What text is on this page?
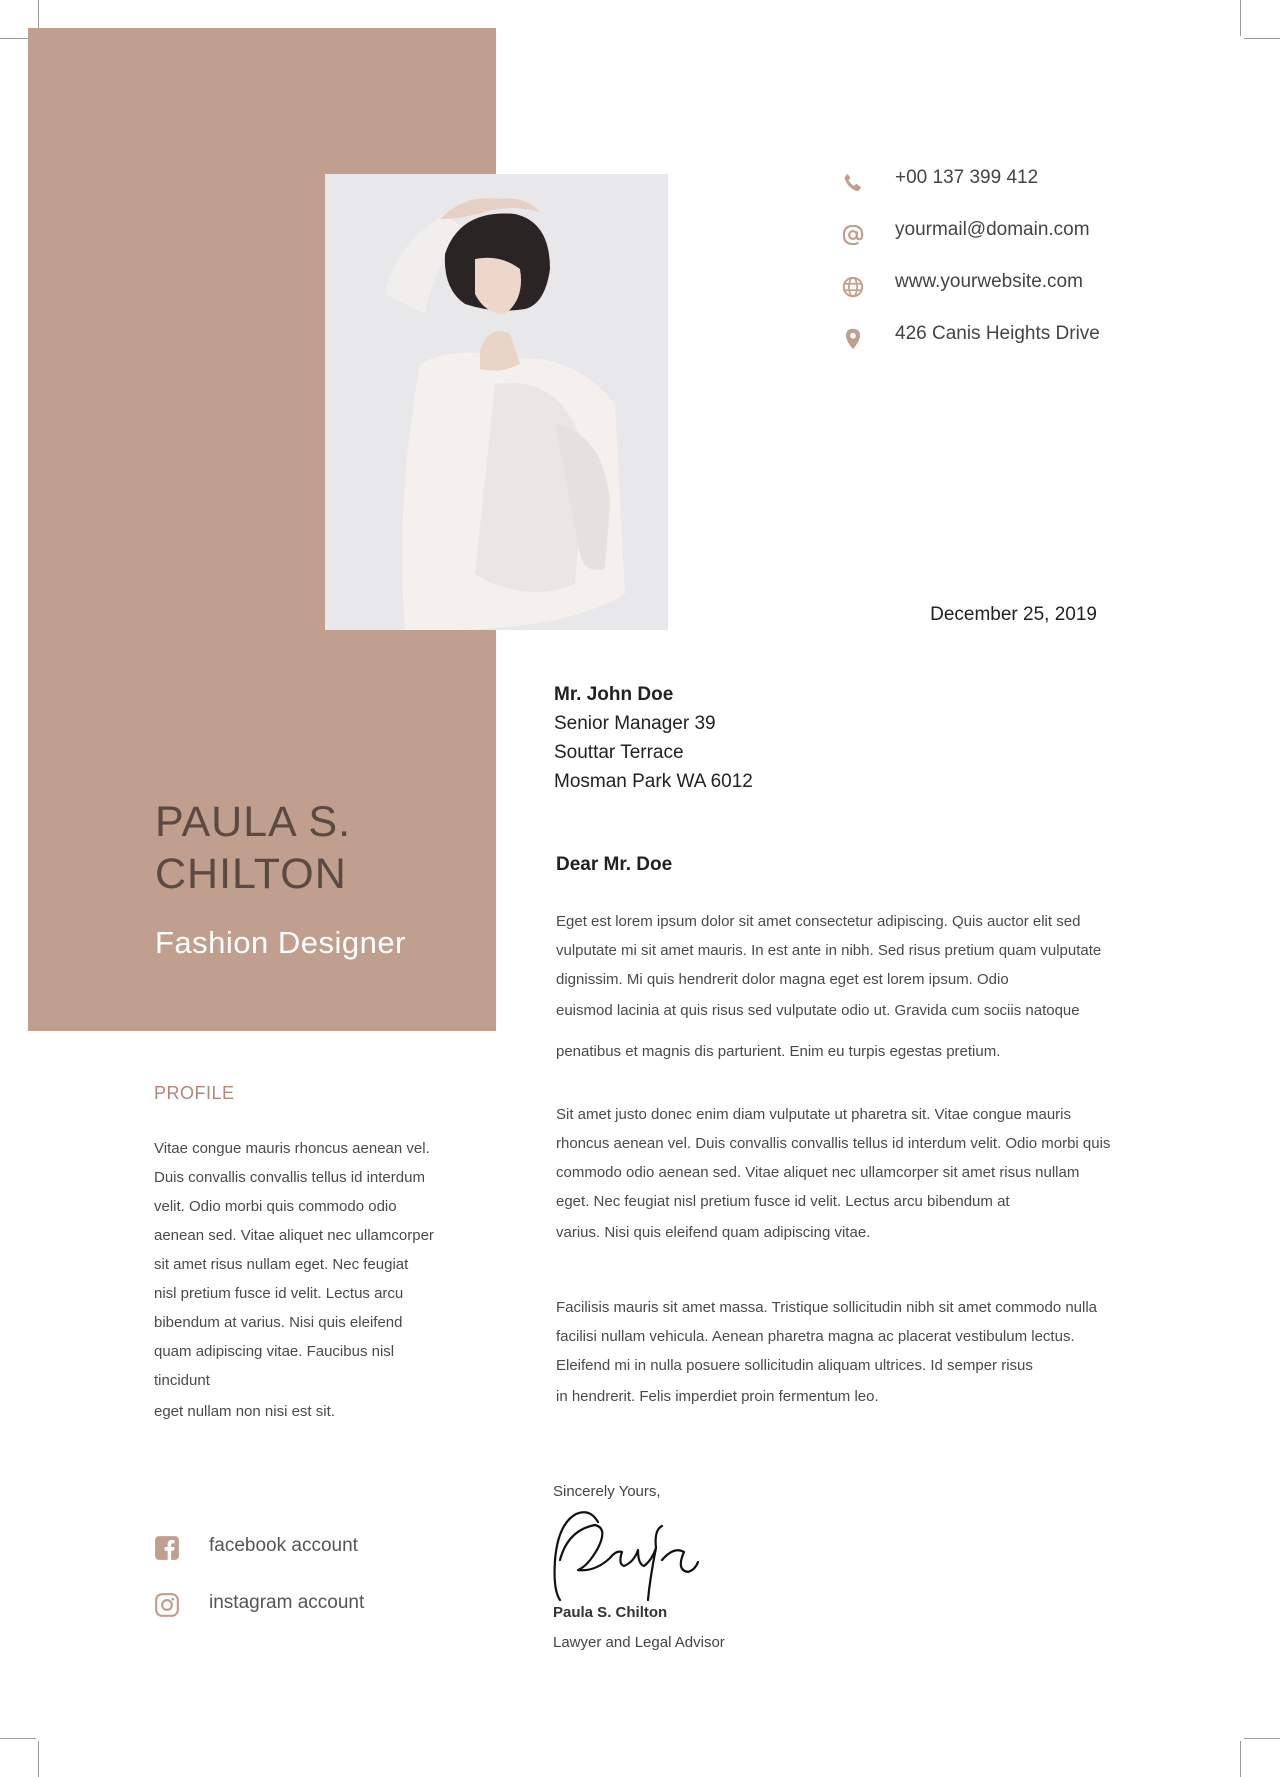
PAULA S.
CHILTON
Fashion Designer
+00 137 399 412
yourmail@domain.com
www.yourwebsite.com
426 Canis Heights Drive
December 25, 2019
Mr. John Doe
Senior Manager 39
Souttar Terrace
Mosman Park WA 6012
Dear Mr. Doe
Eget est lorem ipsum dolor sit amet consectetur adipiscing. Quis auctor elit sed
vulputate mi sit amet mauris. In est ante in nibh. Sed risus pretium quam vulputate
dignissim. Mi quis hendrerit dolor magna eget est lorem ipsum. Odio
euismod lacinia at quis risus sed vulputate odio ut. Gravida cum sociis natoque
penatibus et magnis dis parturient. Enim eu turpis egestas pretium.
Sit amet justo donec enim diam vulputate ut pharetra sit. Vitae congue mauris
rhoncus aenean vel. Duis convallis convallis tellus id interdum velit. Odio morbi quis
commodo odio aenean sed. Vitae aliquet nec ullamcorper sit amet risus nullam
eget. Nec feugiat nisl pretium fusce id velit. Lectus arcu bibendum at
varius. Nisi quis eleifend quam adipiscing vitae.
Facilisis mauris sit amet massa. Tristique sollicitudin nibh sit amet commodo nulla
facilisi nullam vehicula. Aenean pharetra magna ac placerat vestibulum lectus.
Eleifend mi in nulla posuere sollicitudin aliquam ultrices. Id semper risus
in hendrerit. Felis imperdiet proin fermentum leo.
PROFILE
Vitae congue mauris rhoncus aenean vel.
Duis convallis convallis tellus id interdum
velit. Odio morbi quis commodo odio
aenean sed. Vitae aliquet nec ullamcorper
sit amet risus nullam eget. Nec feugiat
nisl pretium fusce id velit. Lectus arcu
bibendum at varius. Nisi quis eleifend
quam adipiscing vitae. Faucibus nisl
tincidunt
eget nullam non nisi est sit.
facebook account
instagram account
Sincerely Yours,
Paula S. Chilton
Lawyer and Legal Advisor
